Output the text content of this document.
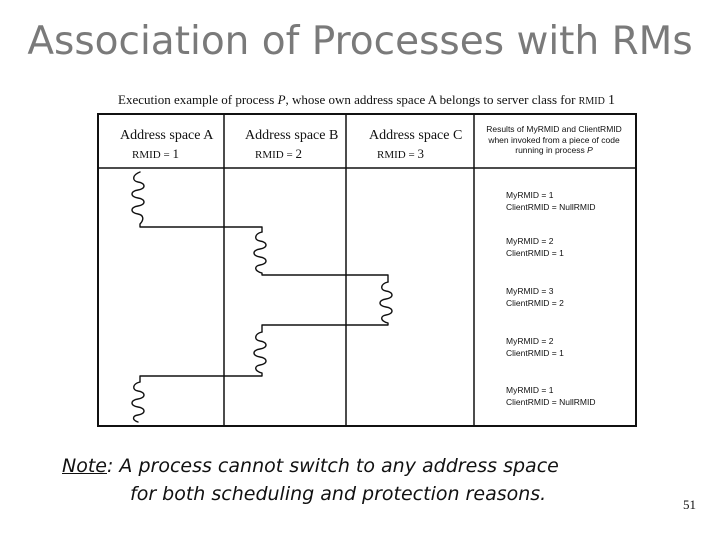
Association of Processes with RMs
Execution example of process P, whose own address space A belongs to server class for RMID 1
Address space A
RMID = 1
Address space B
RMID = 2
Address space C
RMID = 3
Results of MyRMID and ClientRMID
when invoked from a piece of code
running in process P
MyRMID = 1
ClientRMID = NullRMID
MyRMID = 2
ClientRMID = 1
MyRMID = 3
ClientRMID = 2
MyRMID = 2
ClientRMID = 1
MyRMID = 1
ClientRMID = NullRMID
Note: A process cannot switch to any address space
for both scheduling and protection reasons.	51
